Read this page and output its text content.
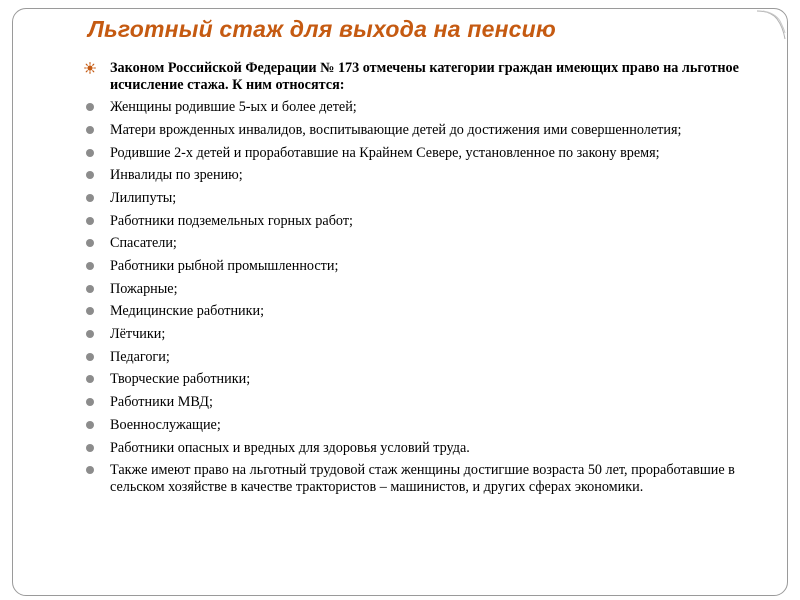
Льготный стаж для выхода на пенсию
Законом Российской Федерации № 173 отмечены категории граждан имеющих право на льготное исчисление стажа. К ним относятся:
Женщины родившие 5-ых и более детей;
Матери врожденных инвалидов, воспитывающие детей до достижения ими совершеннолетия;
Родившие 2-х детей и проработавшие на Крайнем Севере, установленное по закону время;
Инвалиды по зрению;
Лилипуты;
Работники подземельных горных работ;
Спасатели;
Работники рыбной промышленности;
Пожарные;
Медицинские работники;
Лётчики;
Педагоги;
Творческие работники;
Работники МВД;
Военнослужащие;
Работники опасных и вредных для здоровья условий труда.
Также имеют право на льготный трудовой стаж женщины достигшие возраста 50 лет, проработавшие в сельском хозяйстве в качестве трактористов – машинистов, и других сферах экономики.
